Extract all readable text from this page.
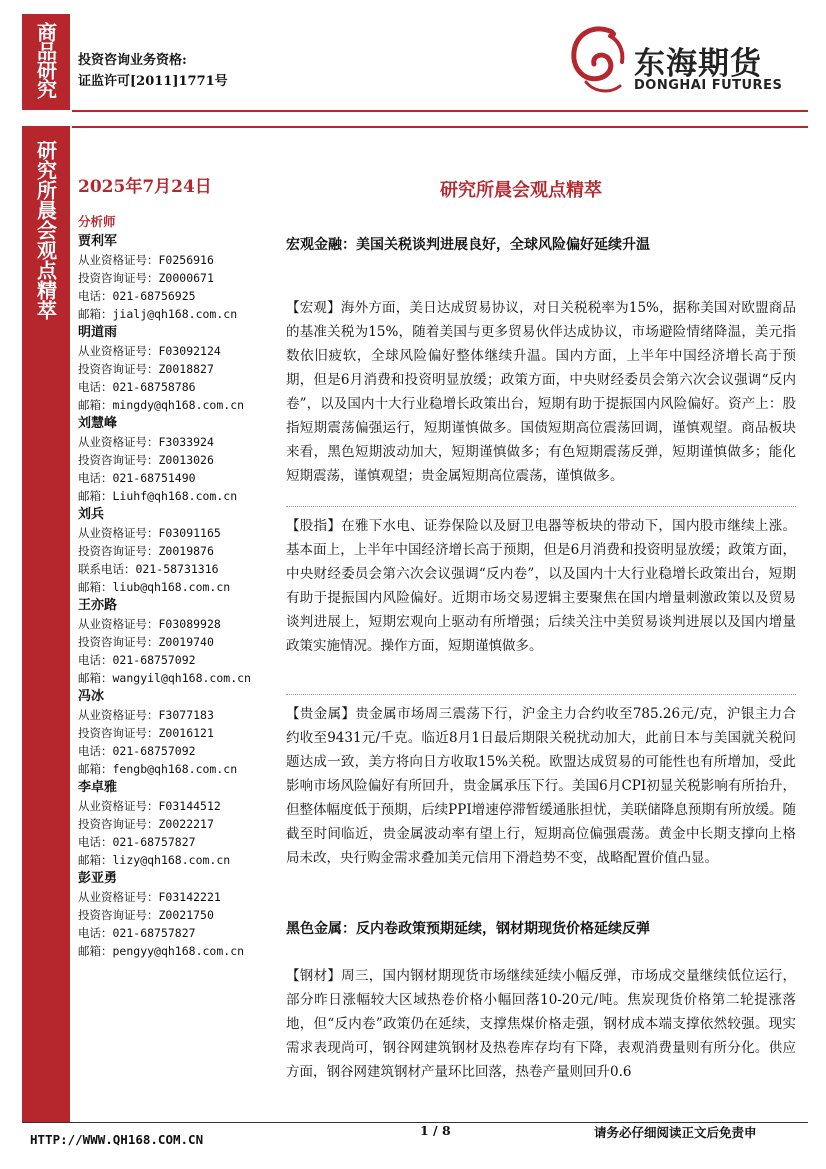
商品研究
研究所晨会观点精萃
投资咨询业务资格:
证监许可[2011]1771号	东海期货
DONGHAI FUTURES
2025年7月24日	研究所晨会观点精萃
分析师
贾利军
从业资格证号：F0256916
投资咨询证号：Z0000671
电话：021-68756925
邮箱：jialj@qh168.com.cn
明道雨
从业资格证号：F03092124
投资咨询证号：Z0018827
电话：021-68758786
邮箱：mingdy@qh168.com.cn
刘慧峰
从业资格证号：F3033924
投资咨询证号：Z0013026
电话：021-68751490
邮箱：Liuhf@qh168.com.cn
刘兵
从业资格证号：F03091165
投资咨询证号：Z0019876
联系电话：021-58731316
邮箱：liub@qh168.com.cn
王亦路
从业资格证号：F03089928
投资咨询证号：Z0019740
电话：021-68757092
邮箱：wangyil@qh168.com.cn
冯冰
从业资格证号：F3077183
投资咨询证号：Z0016121
电话：021-68757092
邮箱：fengb@qh168.com.cn
李卓雅
从业资格证号：F03144512
投资咨询证号：Z0022217
电话：021-68757827
邮箱：lizy@qh168.com.cn
彭亚勇
从业资格证号：F03142221
投资咨询证号：Z0021750
电话：021-68757827
邮箱：pengyy@qh168.com.cn
宏观金融：美国关税谈判进展良好，全球风险偏好延续升温
【宏观】海外方面，美日达成贸易协议，对日关税税率为15%，据称美国对欧盟商品的基准关税为15%，随着美国与更多贸易伙伴达成协议，市场避险情绪降温，美元指数依旧疲软，全球风险偏好整体继续升温。国内方面，上半年中国经济增长高于预期，但是6月消费和投资明显放缓；政策方面，中央财经委员会第六次会议强调“反内卷”，以及国内十大行业稳增长政策出台，短期有助于提振国内风险偏好。资产上：股指短期震荡偏强运行，短期谨慎做多。国债短期高位震荡回调，谨慎观望。商品板块来看，黑色短期波动加大，短期谨慎做多；有色短期震荡反弹，短期谨慎做多；能化短期震荡，谨慎观望；贵金属短期高位震荡，谨慎做多。
【股指】在雅下水电、证券保险以及厨卫电器等板块的带动下，国内股市继续上涨。基本面上，上半年中国经济增长高于预期，但是6月消费和投资明显放缓；政策方面，中央财经委员会第六次会议强调“反内卷”，以及国内十大行业稳增长政策出台，短期有助于提振国内风险偏好。近期市场交易逻辑主要聚焦在国内增量刺激政策以及贸易谈判进展上，短期宏观向上驱动有所增强；后续关注中美贸易谈判进展以及国内增量政策实施情况。操作方面，短期谨慎做多。
【贵金属】贵金属市场周三震荡下行，沪金主力合约收至785.26元/克，沪银主力合约收至9431元/千克。临近8月1日最后期限关税扰动加大，此前日本与美国就关税问题达成一致，美方将向日方收取15%关税。欧盟达成贸易的可能性也有所增加，受此影响市场风险偏好有所回升，贵金属承压下行。美国6月CPI初显关税影响有所抬升，但整体幅度低于预期，后续PPI增速停滞暂缓通胀担忧，美联储降息预期有所放缓。随截至时间临近，贵金属波动率有望上行，短期高位偏强震荡。黄金中长期支撑向上格局未改，央行购金需求叠加美元信用下滑趋势不变，战略配置价值凸显。
黑色金属：反内卷政策预期延续，钢材期现货价格延续反弹
【钢材】周三，国内钢材期现货市场继续延续小幅反弹，市场成交量继续低位运行，部分昨日涨幅较大区域热卷价格小幅回落10-20元/吨。焦炭现货价格第二轮提涨落地，但“反内卷”政策仍在延续，支撑焦煤价格走强，钢材成本端支撑依然较强。现实需求表现尚可，钢谷网建筑钢材及热卷库存均有下降，表观消费量则有所分化。供应方面，钢谷网建筑钢材产量环比回落，热卷产量则回升0.6
HTTP://WWW.QH168.COM.CN
1 / 8	请务必仔细阅读正文后免责申
